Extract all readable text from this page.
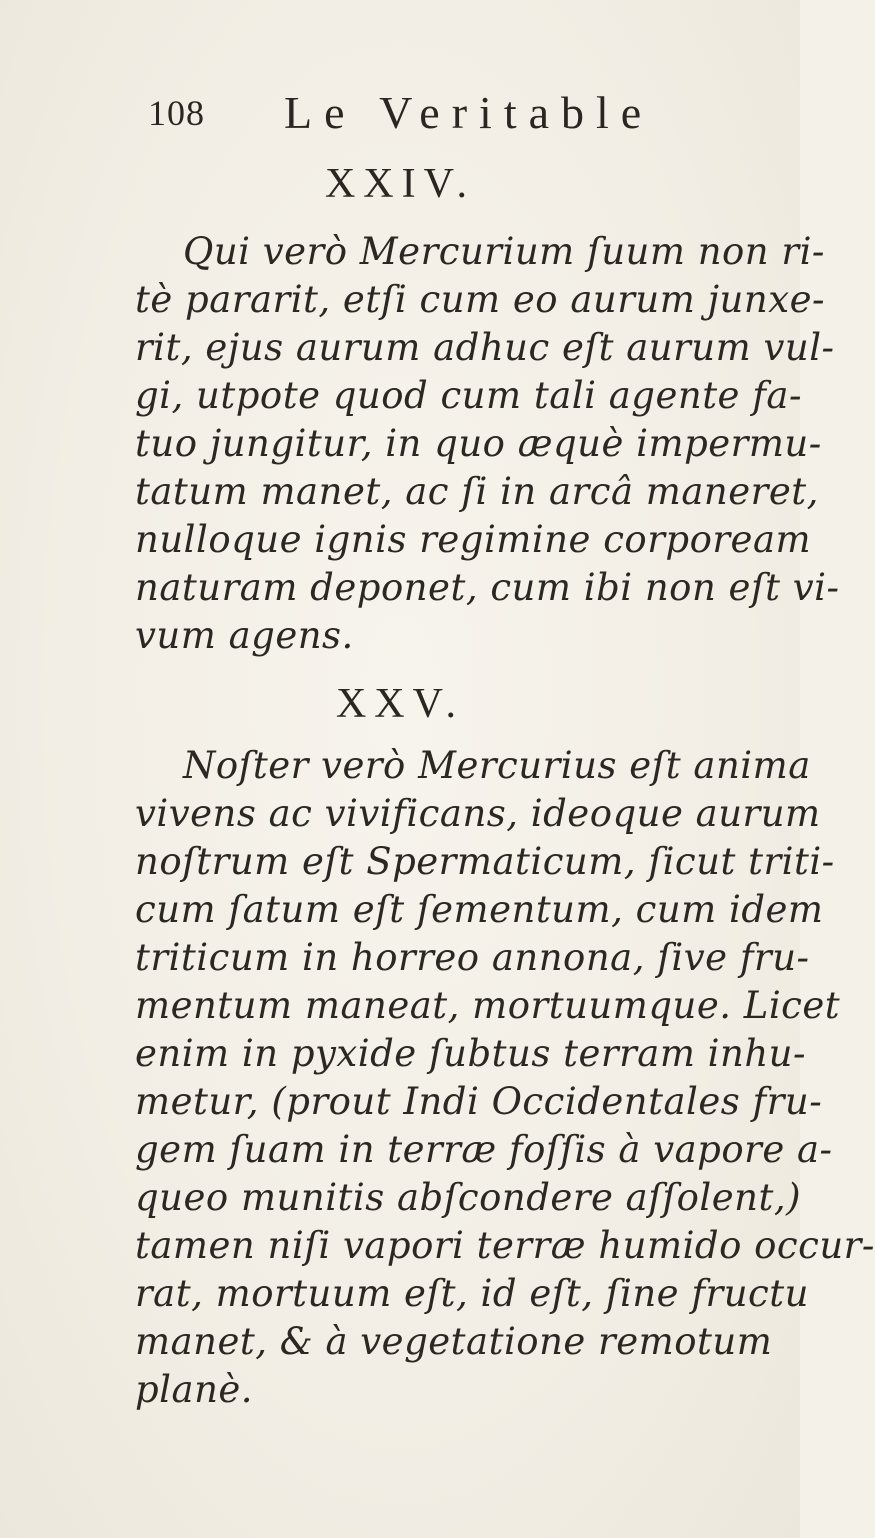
108 Le Veritable
XXIV.
Qui verò Mercurium ſuum non ri-
tè pararit, etſi cum eo aurum junxe-
rit, ejus aurum adhuc eſt aurum vul-
gi, utpote quod cum tali agente fa-
tuo jungitur, in quo æquè impermu-
tatum manet, ac ſi in arcâ maneret,
nulloque ignis regimine corpoream
naturam deponet, cum ibi non eſt vi-
vum agens.
XXV.
Noſter verò Mercurius eſt anima
vivens ac vivificans, ideoque aurum
noſtrum eſt Spermaticum, ſicut triti-
cum ſatum eſt ſementum, cum idem
triticum in horreo annona, ſive fru-
mentum maneat, mortuumque. Licet
enim in pyxide ſubtus terram inhu-
metur, (prout Indi Occidentales fru-
gem ſuam in terræ foſſis à vapore a-
queo munitis abſcondere aſſolent,)
tamen niſi vapori terræ humido occur-
rat, mortuum eſt, id eſt, ſine fructu
manet, & à vegetatione remotum
planè.
